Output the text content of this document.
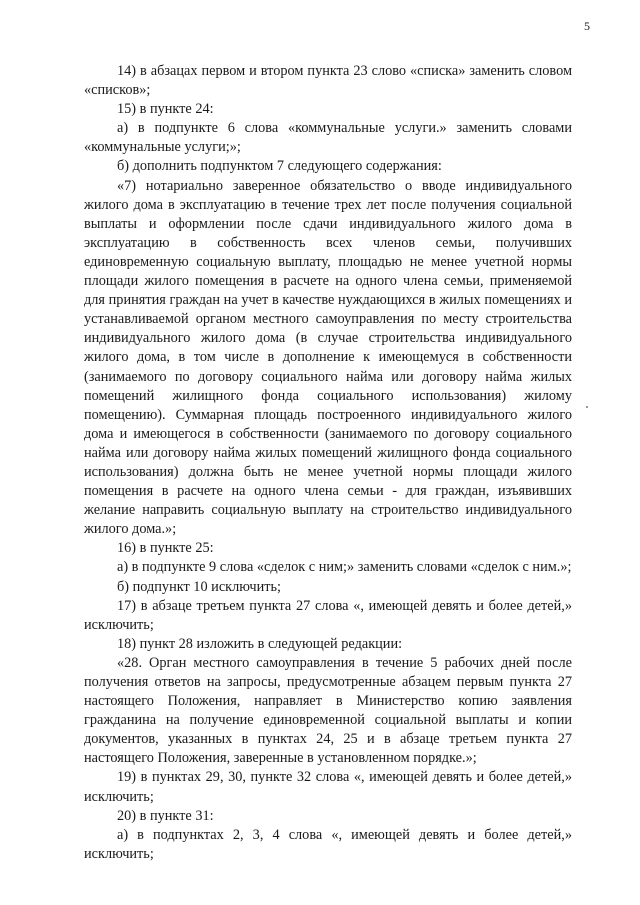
5

14) в абзацах первом и втором пункта 23 слово «списка» заменить словом «списков»;

15) в пункте 24:

а) в подпункте 6 слова «коммунальные услуги.» заменить словами «коммунальные услуги;»;

б) дополнить подпунктом 7 следующего содержания:

«7) нотариально заверенное обязательство о вводе индивидуального жилого дома в эксплуатацию в течение трех лет после получения социальной выплаты и оформлении после сдачи индивидуального жилого дома в эксплуатацию в собственность всех членов семьи, получивших единовременную социальную выплату, площадью не менее учетной нормы площади жилого помещения в расчете на одного члена семьи, применяемой для принятия граждан на учет в качестве нуждающихся в жилых помещениях и устанавливаемой органом местного самоуправления по месту строительства индивидуального жилого дома (в случае строительства индивидуального жилого дома, в том числе в дополнение к имеющемуся в собственности (занимаемого по договору социального найма или договору найма жилых помещений жилищного фонда социального использования) жилому помещению). Суммарная площадь построенного индивидуального жилого дома и имеющегося в собственности (занимаемого по договору социального найма или договору найма жилых помещений жилищного фонда социального использования) должна быть не менее учетной нормы площади жилого помещения в расчете на одного члена семьи - для граждан, изъявивших желание направить социальную выплату на строительство индивидуального жилого дома.»;

16) в пункте 25:

а) в подпункте 9 слова «сделок с ним;» заменить словами «сделок с ним.»;

б) подпункт 10 исключить;

17) в абзаце третьем пункта 27 слова «, имеющей девять и более детей,» исключить;

18) пункт 28 изложить в следующей редакции:

«28. Орган местного самоуправления в течение 5 рабочих дней после получения ответов на запросы, предусмотренные абзацем первым пункта 27 настоящего Положения, направляет в Министерство копию заявления гражданина на получение единовременной социальной выплаты и копии документов, указанных в пунктах 24, 25 и в абзаце третьем пункта 27 настоящего Положения, заверенные в установленном порядке.»;

19) в пунктах 29, 30, пункте 32 слова «, имеющей девять и более детей,» исключить;

20) в пункте 31:

а) в подпунктах 2, 3, 4 слова «, имеющей девять и более детей,» исключить;
